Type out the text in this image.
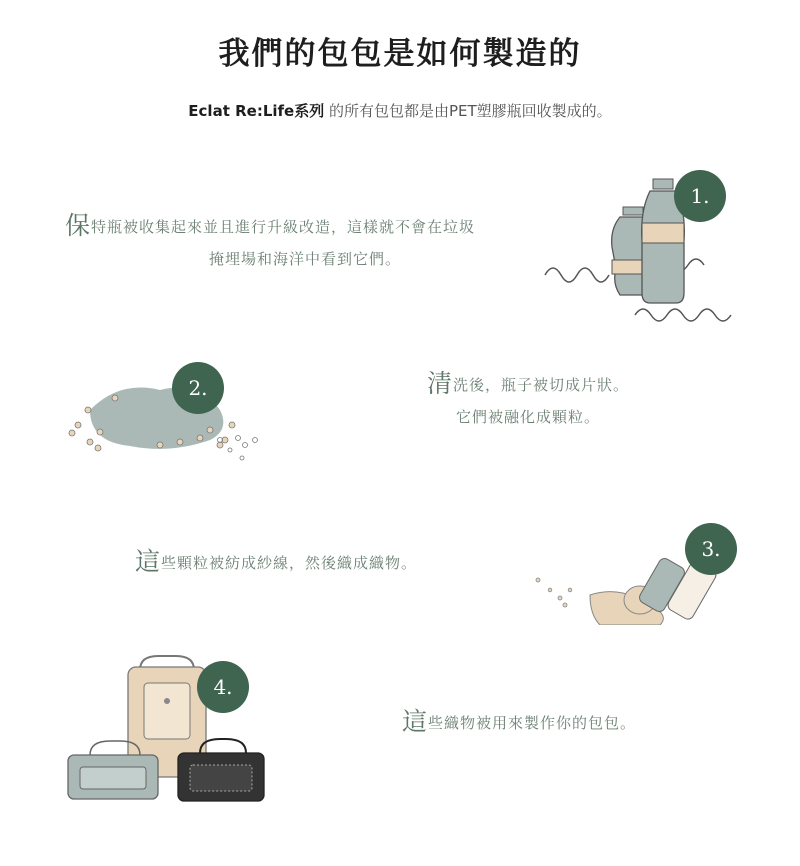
我們的包包是如何製造的
Eclat Re:Life系列 的所有包包都是由PET塑膠瓶回收製成的。
保特瓶被收集起來並且進行升級改造，這樣就不會在垃圾
掩埋場和海洋中看到它們。
1.
2.	清洗後，瓶子被切成片狀。
它們被融化成顆粒。
這些顆粒被紡成紗線，然後織成織物。
3.
4.
這些織物被用來製作你的包包。
